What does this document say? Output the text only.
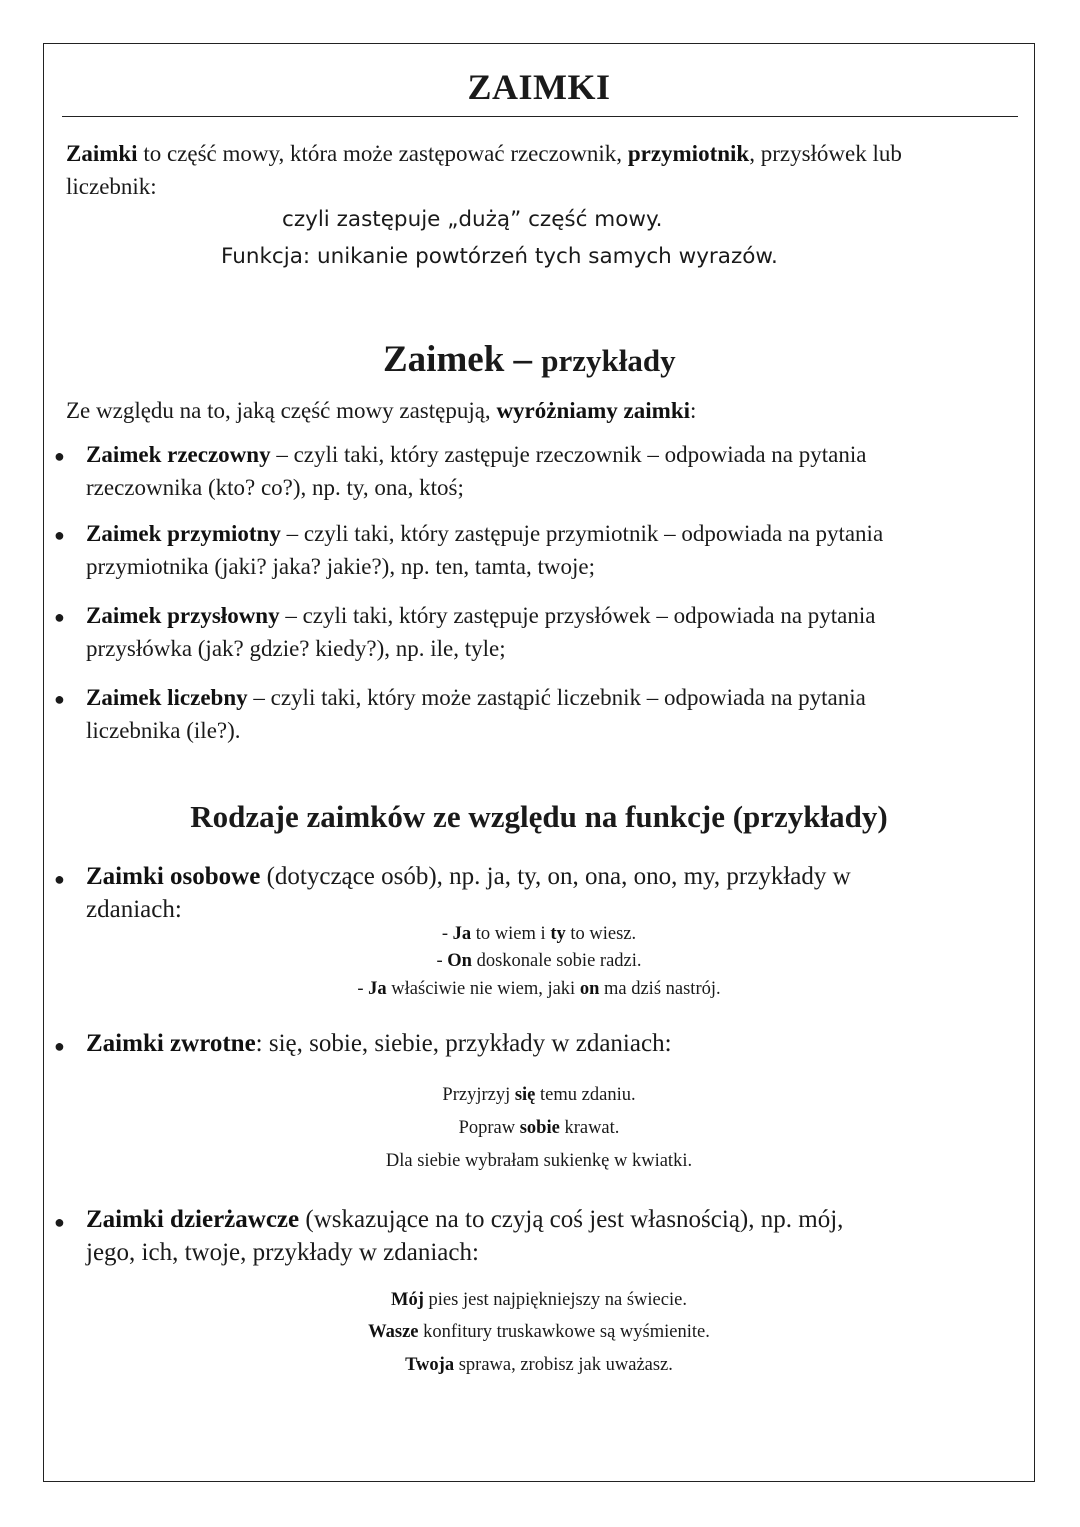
ZAIMKI
Zaimki to część mowy, która może zastępować rzeczownik, przymiotnik, przysłówek lub
liczebnik:
czyli zastępuje „dużą” część mowy.
Funkcja: unikanie powtórzeń tych samych wyrazów.
Zaimek – przykłady
Ze względu na to, jaką część mowy zastępują, wyróżniamy zaimki:
● Zaimek rzeczowny – czyli taki, który zastępuje rzeczownik – odpowiada na pytania
rzeczownika (kto? co?), np. ty, ona, ktoś;
● Zaimek przymiotny – czyli taki, który zastępuje przymiotnik – odpowiada na pytania
przymiotnika (jaki? jaka? jakie?), np. ten, tamta, twoje;
● Zaimek przysłowny – czyli taki, który zastępuje przysłówek – odpowiada na pytania
przysłówka (jak? gdzie? kiedy?), np. ile, tyle;
● Zaimek liczebny – czyli taki, który może zastąpić liczebnik – odpowiada na pytania
liczebnika (ile?).
Rodzaje zaimków ze względu na funkcje (przykłady)
● Zaimki osobowe (dotyczące osób), np. ja, ty, on, ona, ono, my, przykłady w
zdaniach:
- Ja to wiem i ty to wiesz.
- On doskonale sobie radzi.
- Ja właściwie nie wiem, jaki on ma dziś nastrój.
● Zaimki zwrotne: się, sobie, siebie, przykłady w zdaniach:
Przyjrzyj się temu zdaniu.
Popraw sobie krawat.
Dla siebie wybrałam sukienkę w kwiatki.
● Zaimki dzierżawcze (wskazujące na to czyją coś jest własnością), np. mój,
jego, ich, twoje, przykłady w zdaniach:
Mój pies jest najpiękniejszy na świecie.
Wasze konfitury truskawkowe są wyśmienite.
Twoja sprawa, zrobisz jak uważasz.
